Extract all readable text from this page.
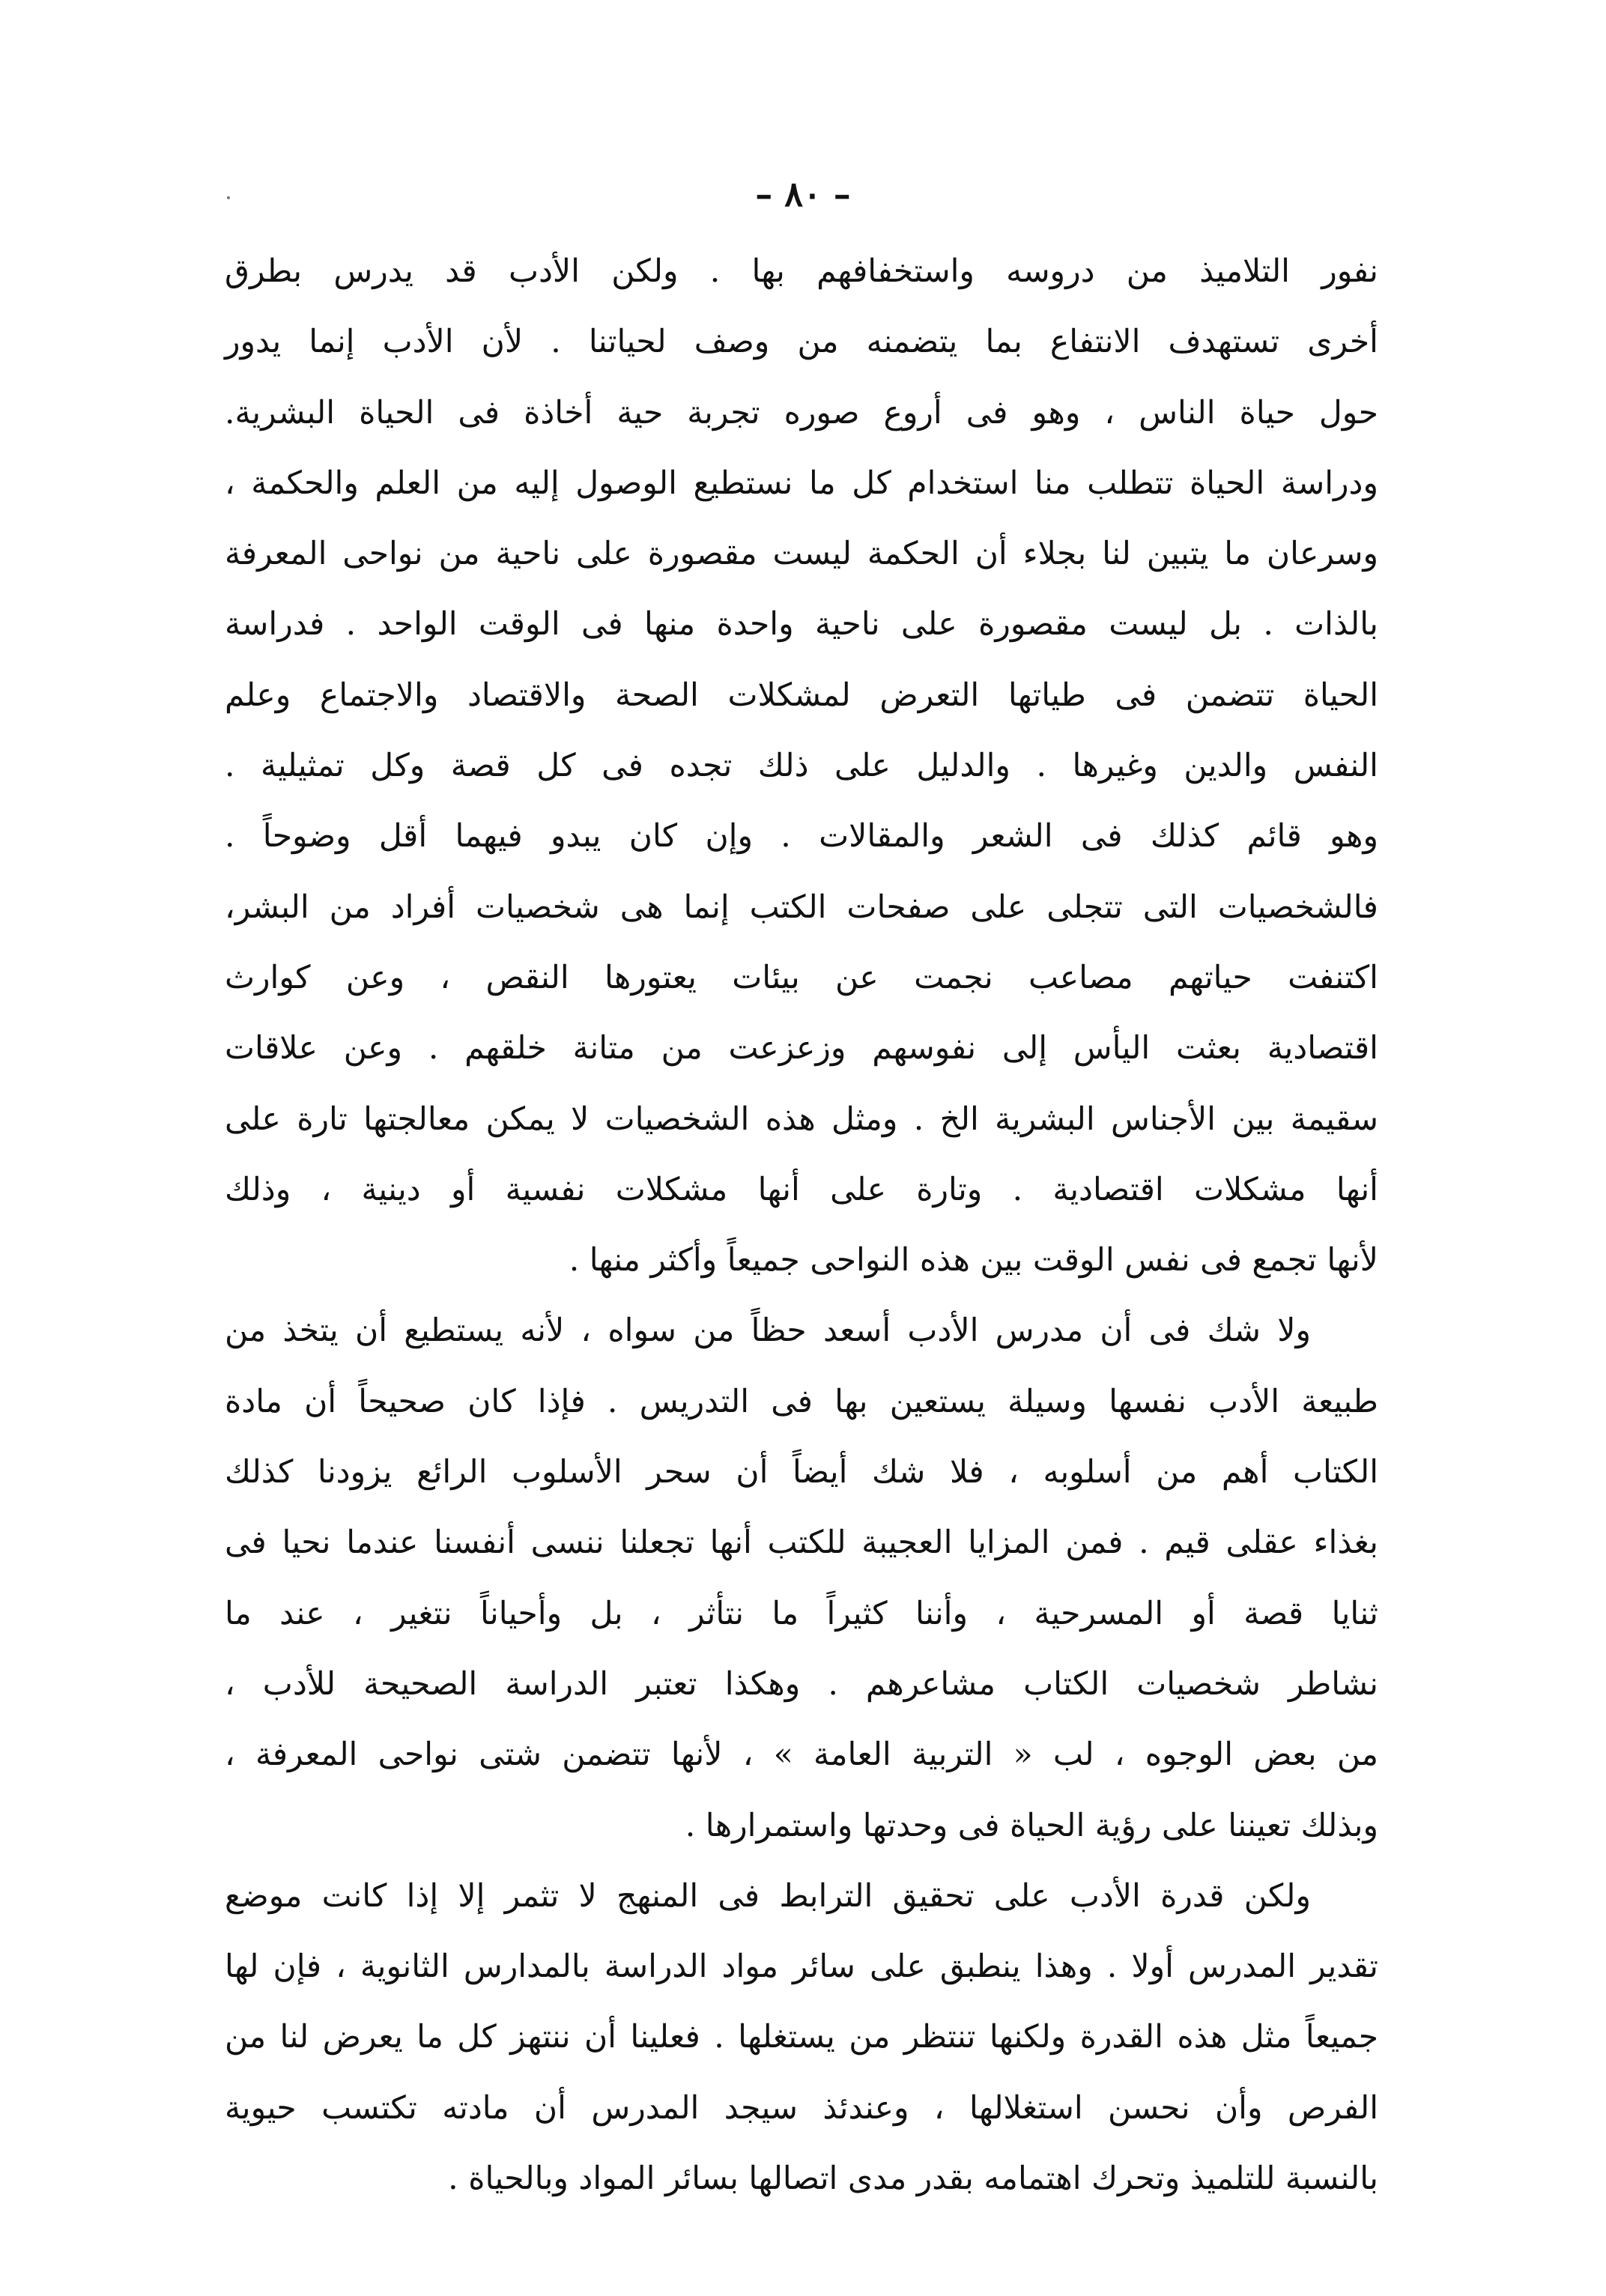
– ٨٠ –
نفور التلاميذ من دروسه واستخفافهم بها . ولكن الأدب قد يدرس بطرق
أخرى تستهدف الانتفاع بما يتضمنه من وصف لحياتنا . لأن الأدب إنما يدور
حول حياة الناس ، وهو فى أروع صوره تجربة حية أخاذة فى الحياة البشرية.
ودراسة الحياة تتطلب منا استخدام كل ما نستطيع الوصول إليه من العلم والحكمة ،
وسرعان ما يتبين لنا بجلاء أن الحكمة ليست مقصورة على ناحية من نواحى المعرفة
بالذات . بل ليست مقصورة على ناحية واحدة منها فى الوقت الواحد . فدراسة
الحياة تتضمن فى طياتها التعرض لمشكلات الصحة والاقتصاد والاجتماع وعلم
النفس والدين وغيرها . والدليل على ذلك تجده فى كل قصة وكل تمثيلية .
وهو قائم كذلك فى الشعر والمقالات . وإن كان يبدو فيهما أقل وضوحاً .
فالشخصيات التى تتجلى على صفحات الكتب إنما هى شخصيات أفراد من البشر،
اكتنفت حياتهم مصاعب نجمت عن بيئات يعتورها النقص ، وعن كوارث
اقتصادية بعثت اليأس إلى نفوسهم وزعزعت من متانة خلقهم . وعن علاقات
سقيمة بين الأجناس البشرية الخ . ومثل هذه الشخصيات لا يمكن معالجتها تارة على
أنها مشكلات اقتصادية . وتارة على أنها مشكلات نفسية أو دينية ، وذلك
لأنها تجمع فى نفس الوقت بين هذه النواحى جميعاً وأكثر منها .
ولا شك فى أن مدرس الأدب أسعد حظاً من سواه ، لأنه يستطيع أن يتخذ من
طبيعة الأدب نفسها وسيلة يستعين بها فى التدريس . فإذا كان صحيحاً أن مادة
الكتاب أهم من أسلوبه ، فلا شك أيضاً أن سحر الأسلوب الرائع يزودنا كذلك
بغذاء عقلى قيم . فمن المزايا العجيبة للكتب أنها تجعلنا ننسى أنفسنا عندما نحيا فى
ثنايا قصة أو المسرحية ، وأننا كثيراً ما نتأثر ، بل وأحياناً نتغير ، عند ما
نشاطر شخصيات الكتاب مشاعرهم . وهكذا تعتبر الدراسة الصحيحة للأدب ،
من بعض الوجوه ، لب « التربية العامة » ، لأنها تتضمن شتى نواحى المعرفة ،
وبذلك تعيننا على رؤية الحياة فى وحدتها واستمرارها .
ولكن قدرة الأدب على تحقيق الترابط فى المنهج لا تثمر إلا إذا كانت موضع
تقدير المدرس أولا . وهذا ينطبق على سائر مواد الدراسة بالمدارس الثانوية ، فإن لها
جميعاً مثل هذه القدرة ولكنها تنتظر من يستغلها . فعلينا أن ننتهز كل ما يعرض لنا من
الفرص وأن نحسن استغلالها ، وعندئذ سيجد المدرس أن مادته تكتسب حيوية
بالنسبة للتلميذ وتحرك اهتمامه بقدر مدى اتصالها بسائر المواد وبالحياة .
